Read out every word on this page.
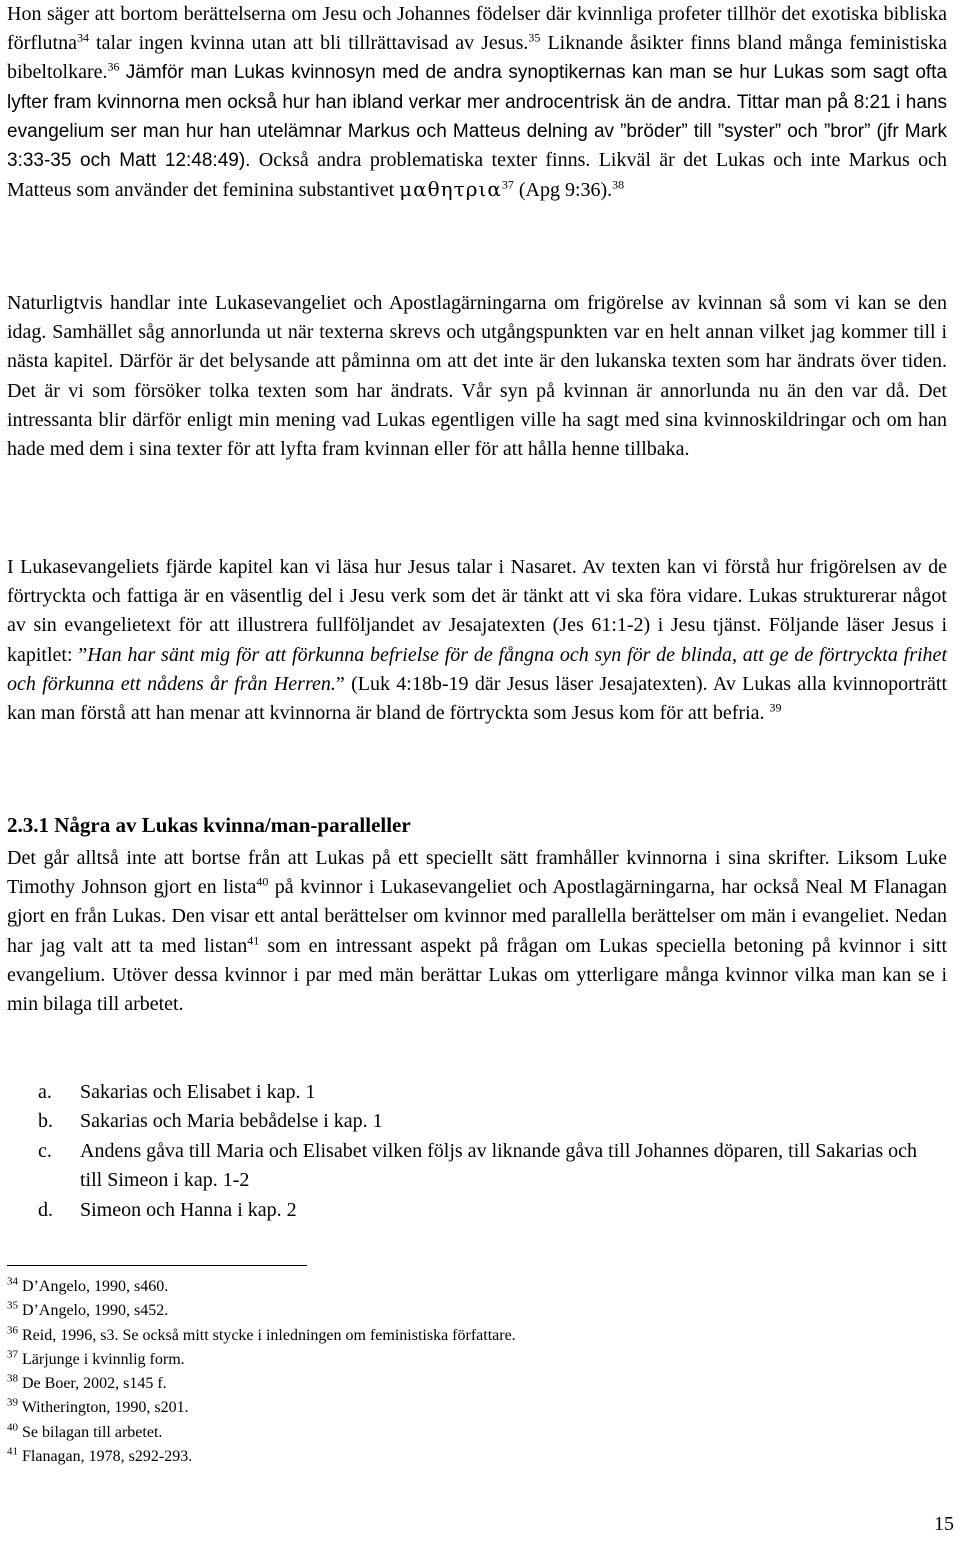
Hon säger att bortom berättelserna om Jesu och Johannes födelser där kvinnliga profeter tillhör det exotiska bibliska förflutna$^{34}$ talar ingen kvinna utan att bli tillrättavisad av Jesus.$^{35}$ Liknande åsikter finns bland många feministiska bibeltolkare.$^{36}$ Jämför man Lukas kvinnosyn med de andra synoptikernas kan man se hur Lukas som sagt ofta lyfter fram kvinnorna men också hur han ibland verkar mer androcentrisk än de andra. Tittar man på 8:21 i hans evangelium ser man hur han utelämnar Markus och Matteus delning av ”bröder” till ”syster” och ”bror” (jfr Mark 3:33-35 och Matt 12:48:49). Också andra problematiska texter finns. Likväl är det Lukas och inte Markus och Matteus som använder det feminina substantivet μαθητρια$^{37}$ (Apg 9:36).$^{38}$

Naturligtvis handlar inte Lukasevangeliet och Apostlagärningarna om frigörelse av kvinnan så som vi kan se den idag. Samhället såg annorlunda ut när texterna skrevs och utgångspunkten var en helt annan vilket jag kommer till i nästa kapitel. Därför är det belysande att påminna om att det inte är den lukanska texten som har ändrats över tiden. Det är vi som försöker tolka texten som har ändrats. Vår syn på kvinnan är annorlunda nu än den var då. Det intressanta blir därför enligt min mening vad Lukas egentligen ville ha sagt med sina kvinnoskildringar och om han hade med dem i sina texter för att lyfta fram kvinnan eller för att hålla henne tillbaka.

I Lukasevangeliets fjärde kapitel kan vi läsa hur Jesus talar i Nasaret. Av texten kan vi förstå hur frigörelsen av de förtryckta och fattiga är en väsentlig del i Jesu verk som det är tänkt att vi ska föra vidare. Lukas strukturerar något av sin evangelietext för att illustrera fullföljandet av Jesajatexten (Jes 61:1-2) i Jesu tjänst. Följande läser Jesus i kapitlet: ”Han har sänt mig för att förkunna befrielse för de fångna och syn för de blinda, att ge de förtryckta frihet och förkunna ett nådens år från Herren.” (Luk 4:18b-19 där Jesus läser Jesajatexten). Av Lukas alla kvinnoporträtt kan man förstå att han menar att kvinnorna är bland de förtryckta som Jesus kom för att befria. $^{39}$

2.3.1 Några av Lukas kvinna/man-paralleller

Det går alltså inte att bortse från att Lukas på ett speciellt sätt framhåller kvinnorna i sina skrifter. Liksom Luke Timothy Johnson gjort en lista$^{40}$ på kvinnor i Lukasevangeliet och Apostlagärningarna, har också Neal M Flanagan gjort en från Lukas. Den visar ett antal berättelser om kvinnor med parallella berättelser om män i evangeliet. Nedan har jag valt att ta med listan$^{41}$ som en intressant aspekt på frågan om Lukas speciella betoning på kvinnor i sitt evangelium. Utöver dessa kvinnor i par med män berättar Lukas om ytterligare många kvinnor vilka man kan se i min bilaga till arbetet.

a. Sakarias och Elisabet i kap. 1
b. Sakarias och Maria bebådelse i kap. 1
c. Andens gåva till Maria och Elisabet vilken följs av liknande gåva till Johannes döparen, till Sakarias och till Simeon i kap. 1-2
d. Simeon och Hanna i kap. 2
$^{34}$ D’Angelo, 1990, s460.
$^{35}$ D’Angelo, 1990, s452.
$^{36}$ Reid, 1996, s3. Se också mitt stycke i inledningen om feministiska författare.
$^{37}$ Lärjunge i kvinnlig form.
$^{38}$ De Boer, 2002, s145 f.
$^{39}$ Witherington, 1990, s201.
$^{40}$ Se bilagan till arbetet.
$^{41}$ Flanagan, 1978, s292-293.
15
